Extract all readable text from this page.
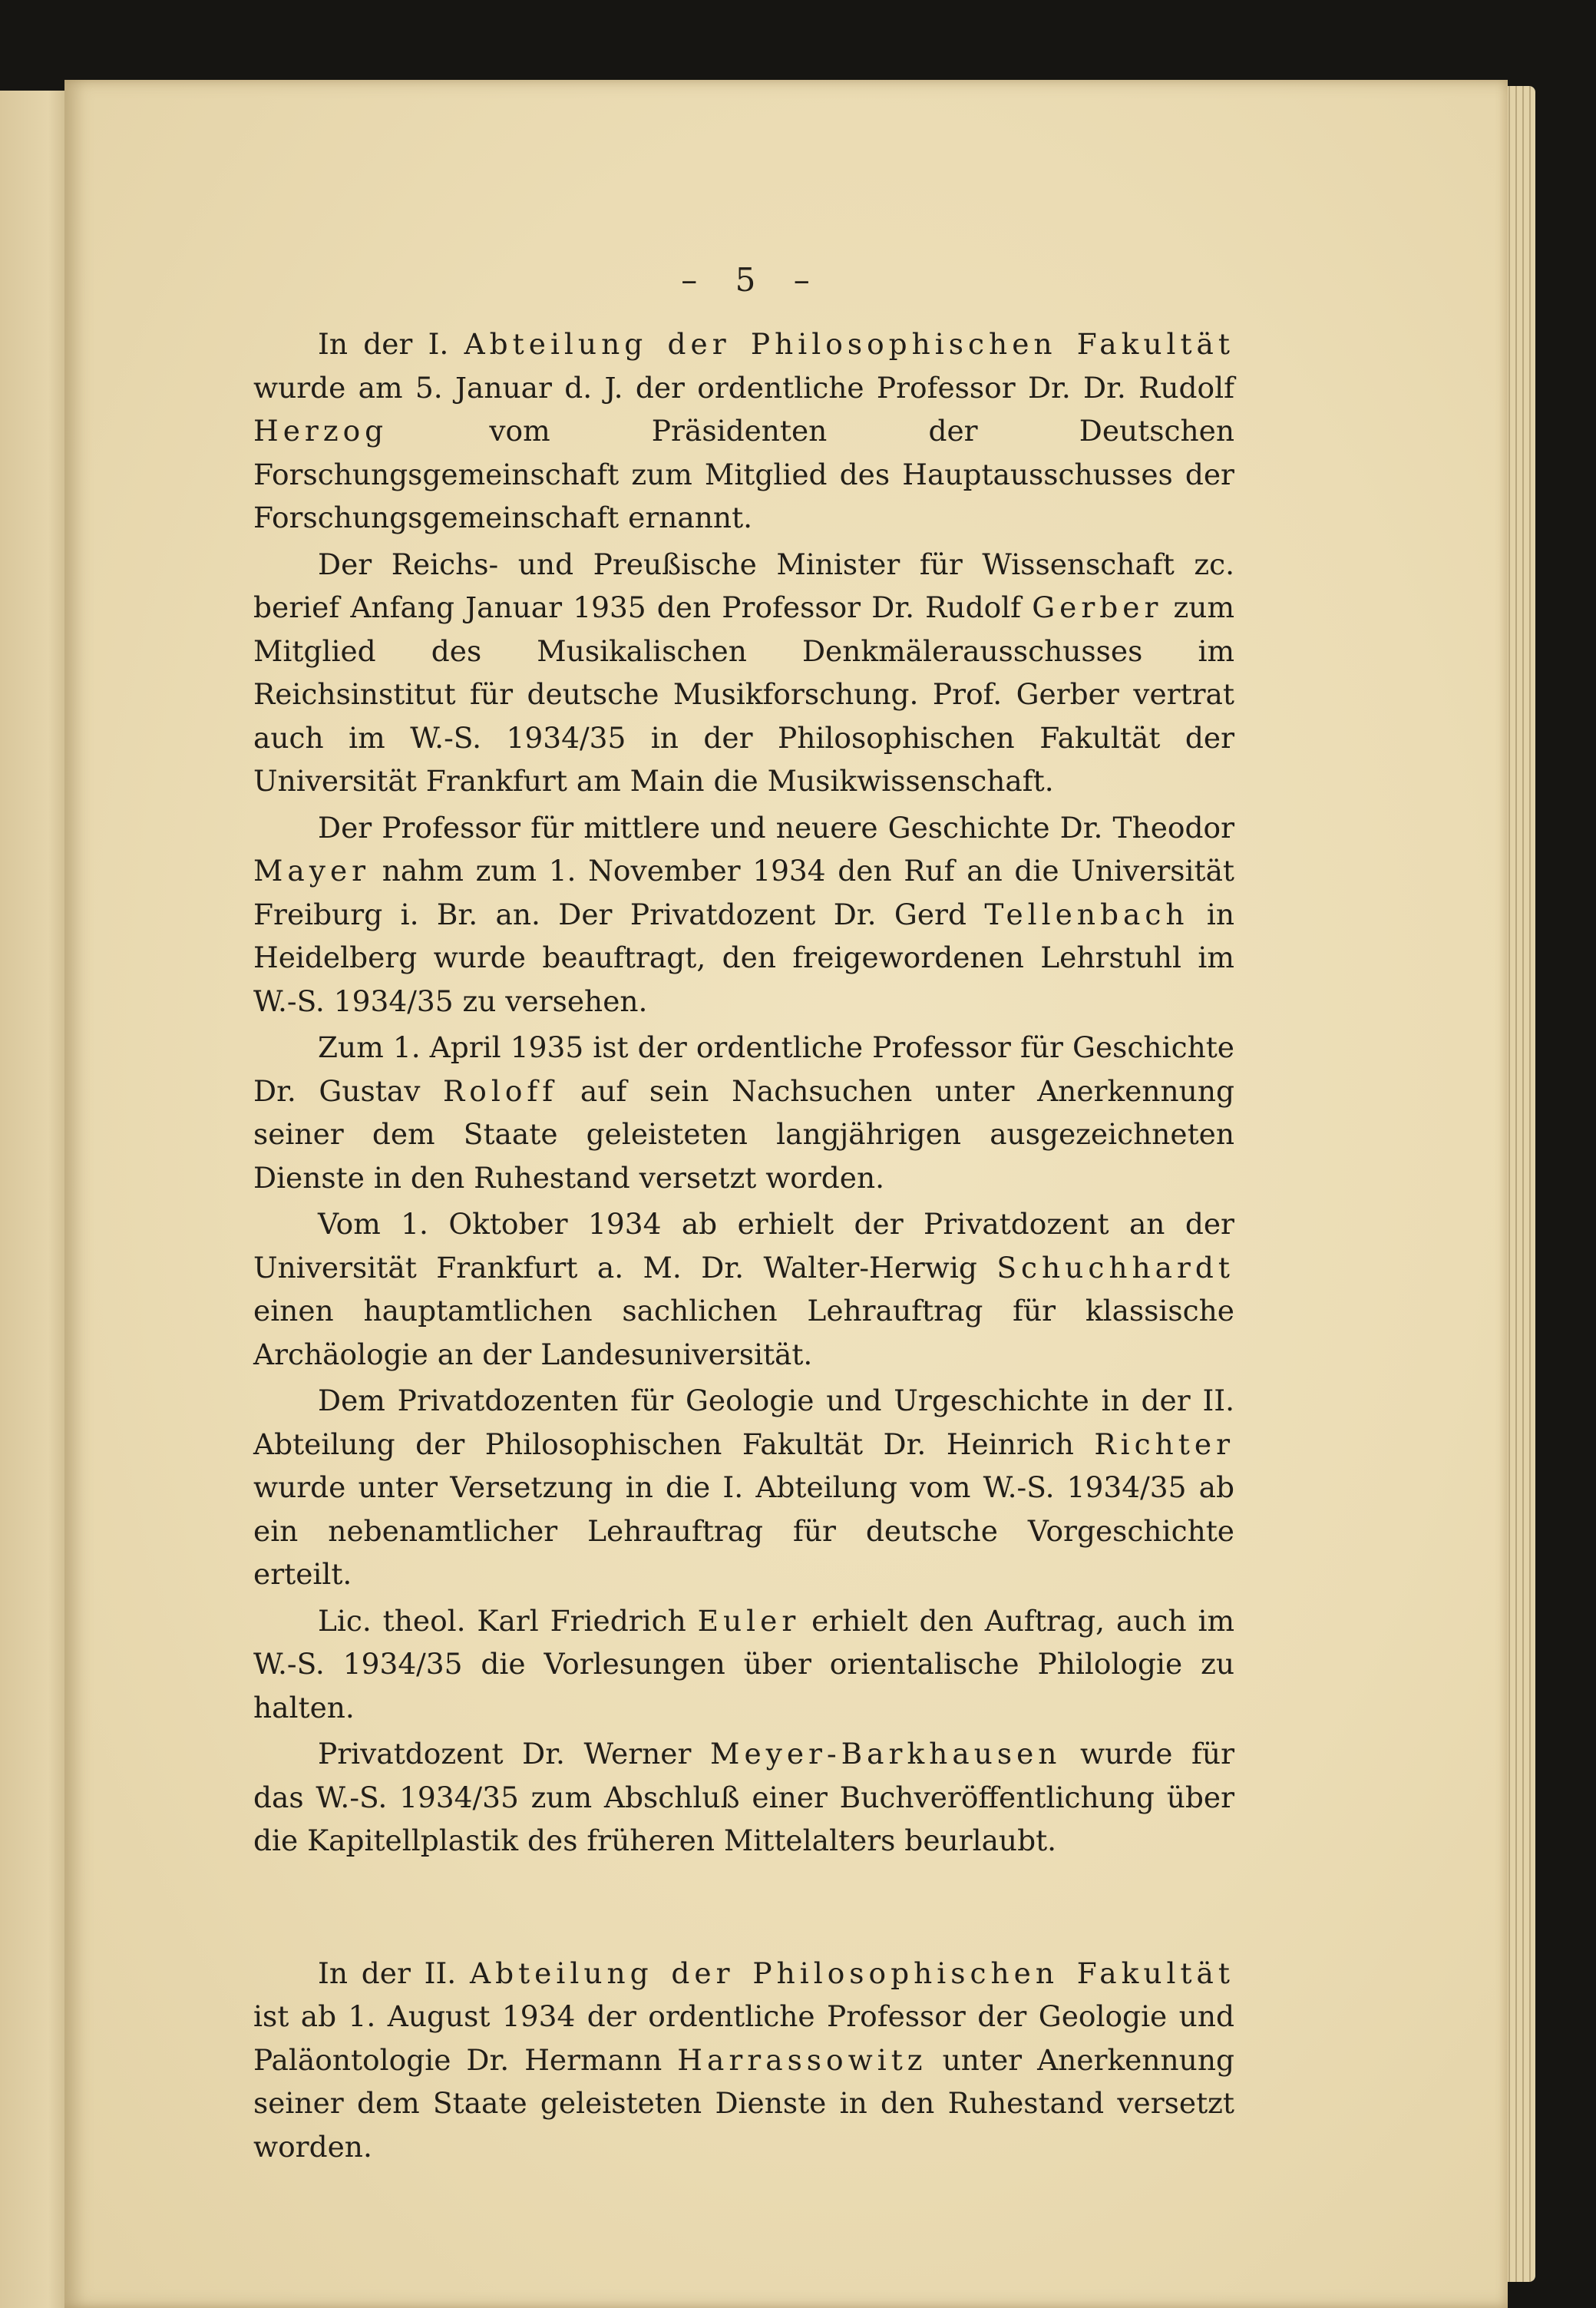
– 5 –

In der I. Abteilung der Philosophischen Fakultät wurde am 5. Januar d. J. der ordentliche Professor Dr. Dr. Rudolf Herzog vom Präsidenten der Deutschen Forschungsgemeinschaft zum Mitglied des Hauptausschusses der Forschungsgemeinschaft ernannt.

Der Reichs- und Preußische Minister für Wissenschaft zc. berief Anfang Januar 1935 den Professor Dr. Rudolf Gerber zum Mitglied des Musikalischen Denkmälerausschusses im Reichsinstitut für deutsche Musikforschung. Prof. Gerber vertrat auch im W.-S. 1934/35 in der Philosophischen Fakultät der Universität Frankfurt am Main die Musikwissenschaft.

Der Professor für mittlere und neuere Geschichte Dr. Theodor Mayer nahm zum 1. November 1934 den Ruf an die Universität Freiburg i. Br. an. Der Privatdozent Dr. Gerd Tellenbach in Heidelberg wurde beauftragt, den freigewordenen Lehrstuhl im W.-S. 1934/35 zu versehen.

Zum 1. April 1935 ist der ordentliche Professor für Geschichte Dr. Gustav Roloff auf sein Nachsuchen unter Anerkennung seiner dem Staate geleisteten langjährigen ausgezeichneten Dienste in den Ruhestand versetzt worden.

Vom 1. Oktober 1934 ab erhielt der Privatdozent an der Universität Frankfurt a. M. Dr. Walter-Herwig Schuchhardt einen hauptamtlichen sachlichen Lehrauftrag für klassische Archäologie an der Landesuniversität.

Dem Privatdozenten für Geologie und Urgeschichte in der II. Abteilung der Philosophischen Fakultät Dr. Heinrich Richter wurde unter Versetzung in die I. Abteilung vom W.-S. 1934/35 ab ein nebenamtlicher Lehrauftrag für deutsche Vorgeschichte erteilt.

Lic. theol. Karl Friedrich Euler erhielt den Auftrag, auch im W.-S. 1934/35 die Vorlesungen über orientalische Philologie zu halten.

Privatdozent Dr. Werner Meyer-Barkhausen wurde für das W.-S. 1934/35 zum Abschluß einer Buchveröffentlichung über die Kapitellplastik des früheren Mittelalters beurlaubt.

In der II. Abteilung der Philosophischen Fakultät ist ab 1. August 1934 der ordentliche Professor der Geologie und Paläontologie Dr. Hermann Harrassowitz unter Anerkennung seiner dem Staate geleisteten Dienste in den Ruhestand versetzt worden.
